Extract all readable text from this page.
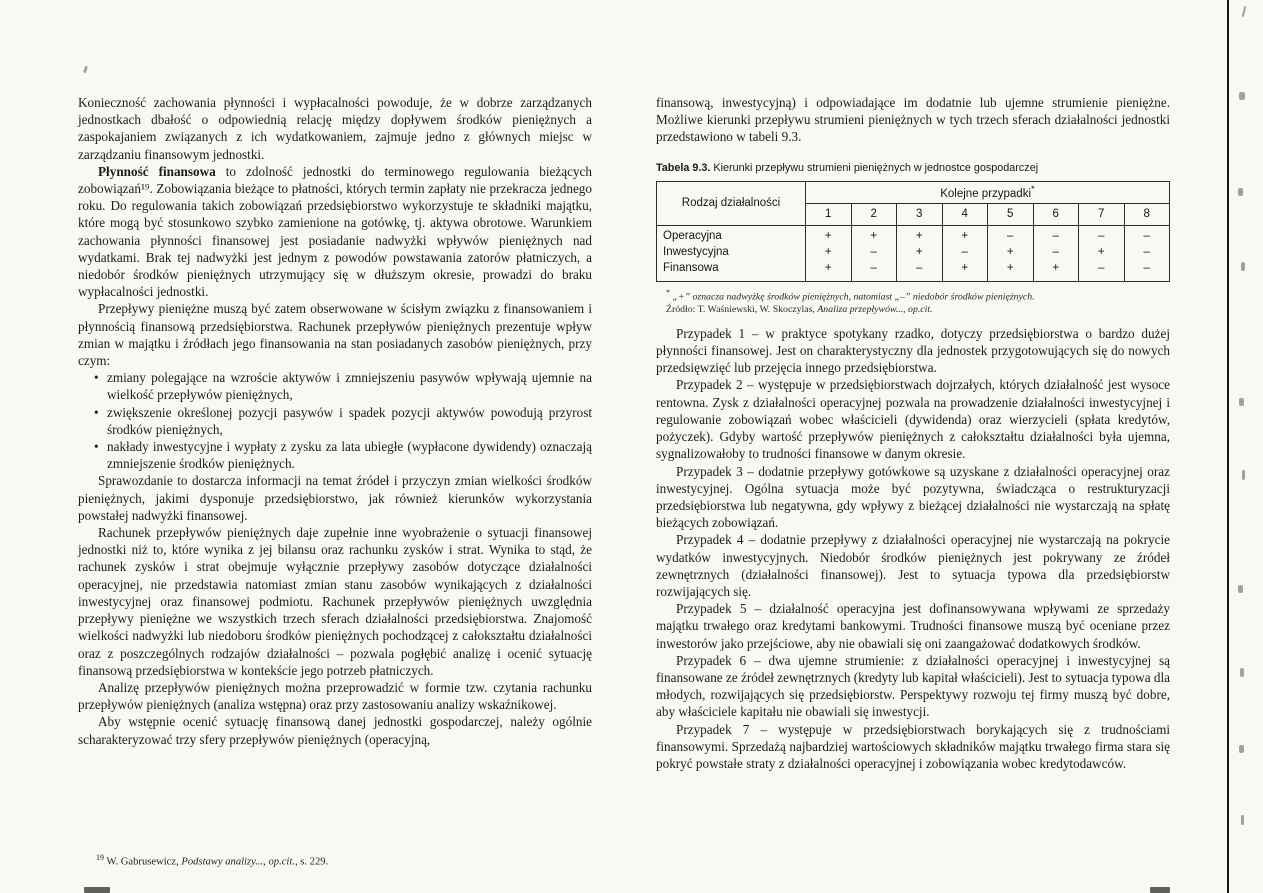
Konieczność zachowania płynności i wypłacalności powoduje, że w dobrze zarządzanych jednostkach dbałość o odpowiednią relację między dopływem środków pieniężnych a zaspokajaniem związanych z ich wydatkowaniem, zajmuje jedno z głównych miejsc w zarządzaniu finansowym jednostki.

Płynność finansowa to zdolność jednostki do terminowego regulowania bieżących zobowiązań¹⁹. Zobowiązania bieżące to płatności, których termin zapłaty nie przekracza jednego roku. Do regulowania takich zobowiązań przedsiębiorstwo wykorzystuje te składniki majątku, które mogą być stosunkowo szybko zamienione na gotówkę, tj. aktywa obrotowe. Warunkiem zachowania płynności finansowej jest posiadanie nadwyżki wpływów pieniężnych nad wydatkami. Brak tej nadwyżki jest jednym z powodów powstawania zatorów płatniczych, a niedobór środków pieniężnych utrzymujący się w dłuższym okresie, prowadzi do braku wypłacalności jednostki.

Przepływy pieniężne muszą być zatem obserwowane w ścisłym związku z finansowaniem i płynnością finansową przedsiębiorstwa. Rachunek przepływów pieniężnych prezentuje wpływ zmian w majątku i źródłach jego finansowania na stan posiadanych zasobów pieniężnych, przy czym:

• zmiany polegające na wzroście aktywów i zmniejszeniu pasywów wpływają ujemnie na wielkość przepływów pieniężnych,
• zwiększenie określonej pozycji pasywów i spadek pozycji aktywów powodują przyrost środków pieniężnych,
• nakłady inwestycyjne i wypłaty z zysku za lata ubiegłe (wypłacone dywidendy) oznaczają zmniejszenie środków pieniężnych.

Sprawozdanie to dostarcza informacji na temat źródeł i przyczyn zmian wielkości środków pieniężnych, jakimi dysponuje przedsiębiorstwo, jak również kierunków wykorzystania powstałej nadwyżki finansowej.

Rachunek przepływów pieniężnych daje zupełnie inne wyobrażenie o sytuacji finansowej jednostki niż to, które wynika z jej bilansu oraz rachunku zysków i strat. Wynika to stąd, że rachunek zysków i strat obejmuje wyłącznie przepływy zasobów dotyczące działalności operacyjnej, nie przedstawia natomiast zmian stanu zasobów wynikających z działalności inwestycyjnej oraz finansowej podmiotu. Rachunek przepływów pieniężnych uwzględnia przepływy pieniężne we wszystkich trzech sferach działalności przedsiębiorstwa. Znajomość wielkości nadwyżki lub niedoboru środków pieniężnych pochodzącej z całokształtu działalności oraz z poszczególnych rodzajów działalności – pozwala pogłębić analizę i ocenić sytuację finansową przedsiębiorstwa w kontekście jego potrzeb płatniczych.

Analizę przepływów pieniężnych można przeprowadzić w formie tzw. czytania rachunku przepływów pieniężnych (analiza wstępna) oraz przy zastosowaniu analizy wskaźnikowej.

Aby wstępnie ocenić sytuację finansową danej jednostki gospodarczej, należy ogólnie scharakteryzować trzy sfery przepływów pieniężnych (operacyjną,

$^{19}$ W. Gabrusewicz, Podstawy analizy..., op.cit., s. 229.

finansową, inwestycyjną) i odpowiadające im dodatnie lub ujemne strumienie pieniężne. Możliwe kierunki przepływu strumieni pieniężnych w tych trzech sferach działalności jednostki przedstawiono w tabeli 9.3.

Tabela 9.3. Kierunki przepływu strumieni pieniężnych w jednostce gospodarczej
Rodzaj działalności	Kolejne przypadki*
	1	2	3	4	5	6	7	8
Operacyjna	+	+	+	+	–	–	–	–
Inwestycyjna	+	–	+	–	+	–	+	–
Finansowa	+	–	–	+	+	+	–	–
* „+” oznacza nadwyżkę środków pieniężnych, natomiast „–” niedobór środków pieniężnych.
Źródło: T. Waśniewski, W. Skoczylas, Analiza przepływów..., op.cit.

Przypadek 1 – w praktyce spotykany rzadko, dotyczy przedsiębiorstwa o bardzo dużej płynności finansowej. Jest on charakterystyczny dla jednostek przygotowujących się do nowych przedsięwzięć lub przejęcia innego przedsiębiorstwa.

Przypadek 2 – występuje w przedsiębiorstwach dojrzałych, których działalność jest wysoce rentowna. Zysk z działalności operacyjnej pozwala na prowadzenie działalności inwestycyjnej i regulowanie zobowiązań wobec właścicieli (dywidenda) oraz wierzycieli (spłata kredytów, pożyczek). Gdyby wartość przepływów pieniężnych z całokształtu działalności była ujemna, sygnalizowałoby to trudności finansowe w danym okresie.

Przypadek 3 – dodatnie przepływy gotówkowe są uzyskane z działalności operacyjnej oraz inwestycyjnej. Ogólna sytuacja może być pozytywna, świadcząca o restrukturyzacji przedsiębiorstwa lub negatywna, gdy wpływy z bieżącej działalności nie wystarczają na spłatę bieżących zobowiązań.

Przypadek 4 – dodatnie przepływy z działalności operacyjnej nie wystarczają na pokrycie wydatków inwestycyjnych. Niedobór środków pieniężnych jest pokrywany ze źródeł zewnętrznych (działalności finansowej). Jest to sytuacja typowa dla przedsiębiorstw rozwijających się.

Przypadek 5 – działalność operacyjna jest dofinansowywana wpływami ze sprzedaży majątku trwałego oraz kredytami bankowymi. Trudności finansowe muszą być oceniane przez inwestorów jako przejściowe, aby nie obawiali się oni zaangażować dodatkowych środków.

Przypadek 6 – dwa ujemne strumienie: z działalności operacyjnej i inwestycyjnej są finansowane ze źródeł zewnętrznych (kredyty lub kapitał właścicieli). Jest to sytuacja typowa dla młodych, rozwijających się przedsiębiorstw. Perspektywy rozwoju tej firmy muszą być dobre, aby właściciele kapitału nie obawiali się inwestycji.

Przypadek 7 – występuje w przedsiębiorstwach borykających się z trudnościami finansowymi. Sprzedażą najbardziej wartościowych składników majątku trwałego firma stara się pokryć powstałe straty z działalności operacyjnej i zobowiązania wobec kredytodawców.
